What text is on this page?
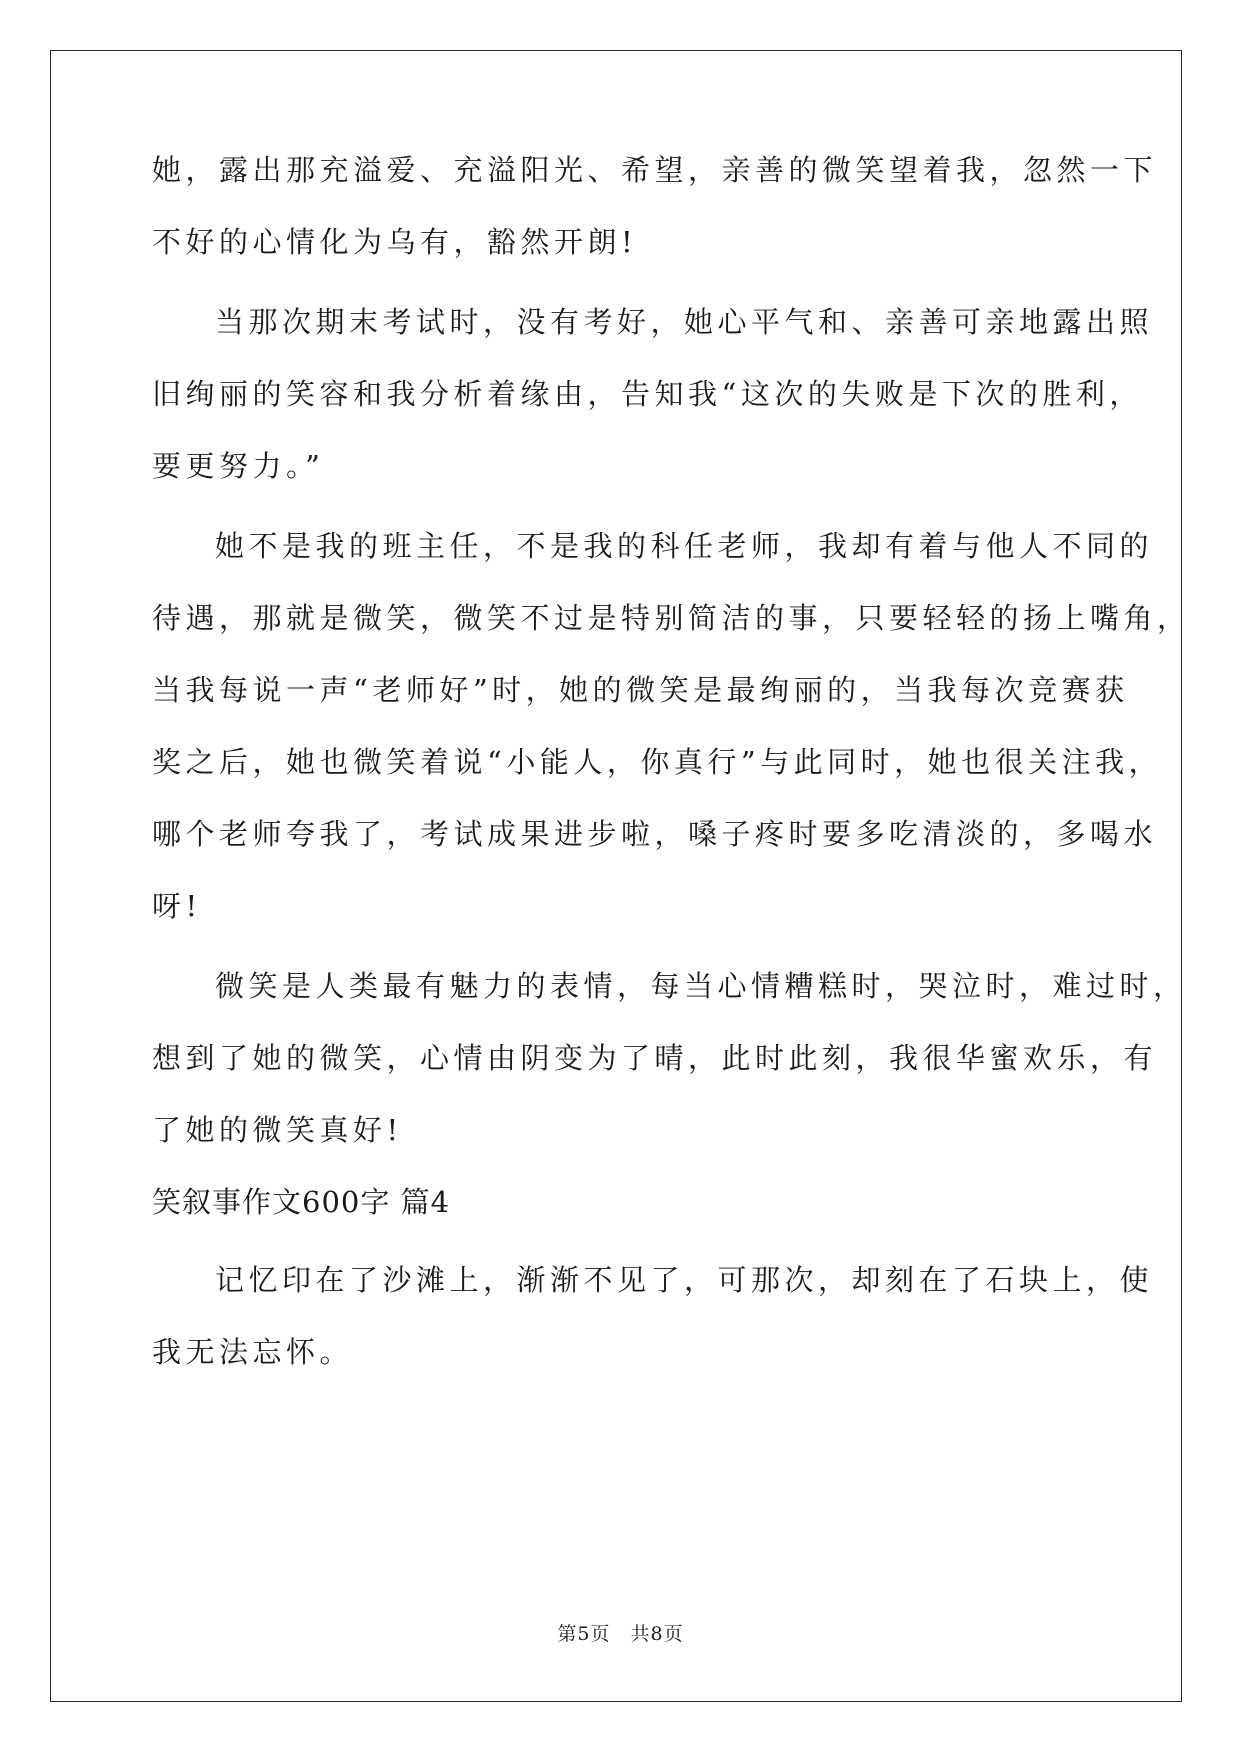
她，露出那充溢爱、充溢阳光、希望，亲善的微笑望着我，忽然一下
不好的心情化为乌有，豁然开朗!
当那次期末考试时，没有考好，她心平气和、亲善可亲地露出照
旧绚丽的笑容和我分析着缘由，告知我“这次的失败是下次的胜利，
要更努力。”
她不是我的班主任，不是我的科任老师，我却有着与他人不同的
待遇，那就是微笑，微笑不过是特别简洁的事，只要轻轻的扬上嘴角，
当我每说一声“老师好”时，她的微笑是最绚丽的，当我每次竞赛获
奖之后，她也微笑着说“小能人，你真行”与此同时，她也很关注我，
哪个老师夸我了，考试成果进步啦，嗓子疼时要多吃清淡的，多喝水
呀!
微笑是人类最有魅力的表情，每当心情糟糕时，哭泣时，难过时，
想到了她的微笑，心情由阴变为了晴，此时此刻，我很华蜜欢乐，有
了她的微笑真好!
笑叙事作文600字 篇4
记忆印在了沙滩上，渐渐不见了，可那次，却刻在了石块上，使
我无法忘怀。
第5页　共8页
